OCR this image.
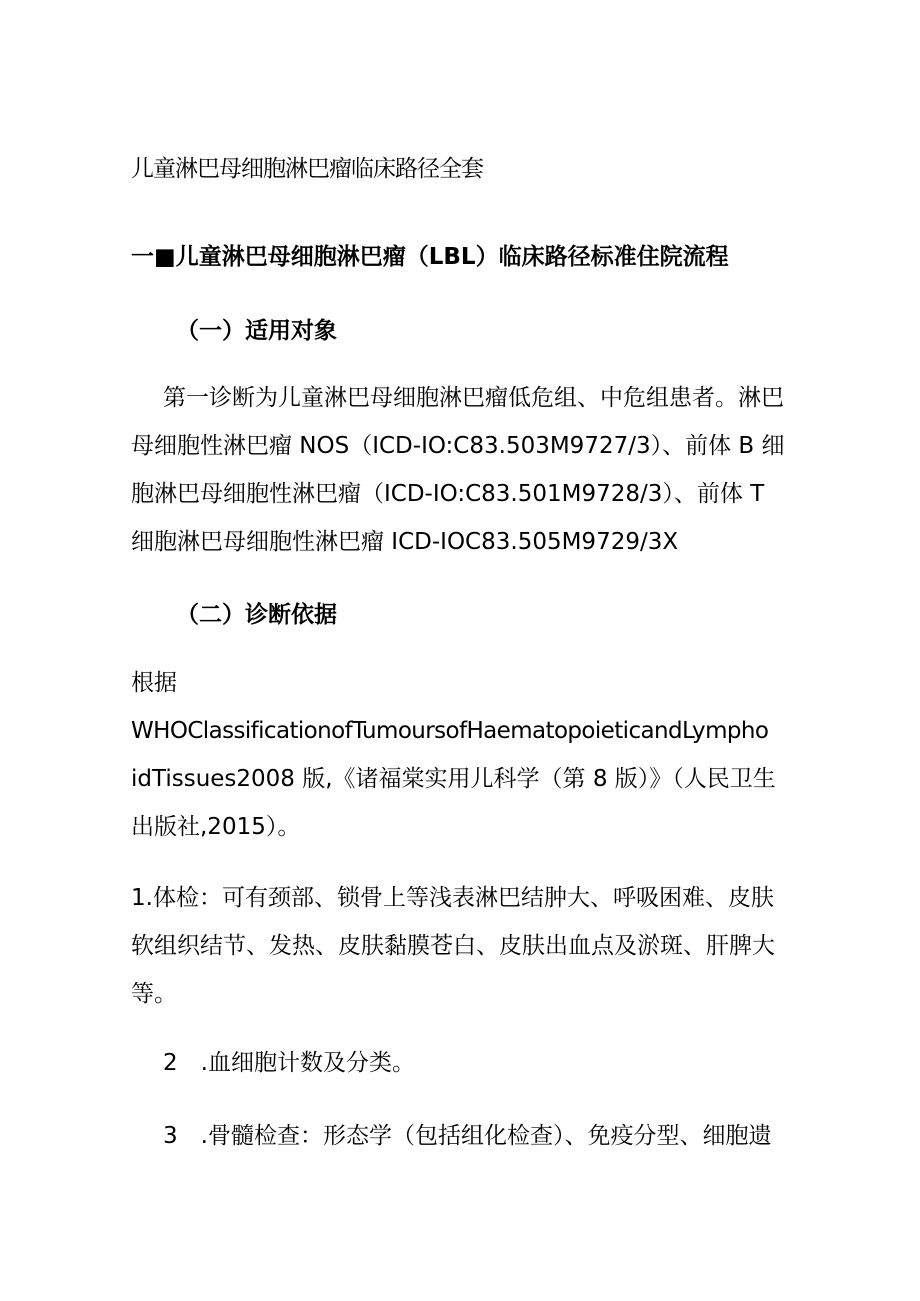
儿童淋巴母细胞淋巴瘤临床路径全套
一■儿童淋巴母细胞淋巴瘤（LBL）临床路径标准住院流程
（一）适用对象
第一诊断为儿童淋巴母细胞淋巴瘤低危组、中危组患者。淋巴
母细胞性淋巴瘤 NOS（ICD-IO:C83.503M9727/3）、前体 B 细
胞淋巴母细胞性淋巴瘤（ICD-IO:C83.501M9728/3）、前体 T
细胞淋巴母细胞性淋巴瘤 ICD-IOC83.505M9729∕3X
（二）诊断依据
根据
WHOClassificationofTumoursofHaematopoieticandLympho
idTissues2008 版,《诸福棠实用儿科学（第 8 版）》（人民卫生
出版社,2015）。
1.体检：可有颈部、锁骨上等浅表淋巴结肿大、呼吸困难、皮肤
软组织结节、发热、皮肤黏膜苍白、皮肤出血点及淤斑、肝脾大
等。
2 .血细胞计数及分类。
3 .骨髓检查：形态学（包括组化检查）、免疫分型、细胞遗
